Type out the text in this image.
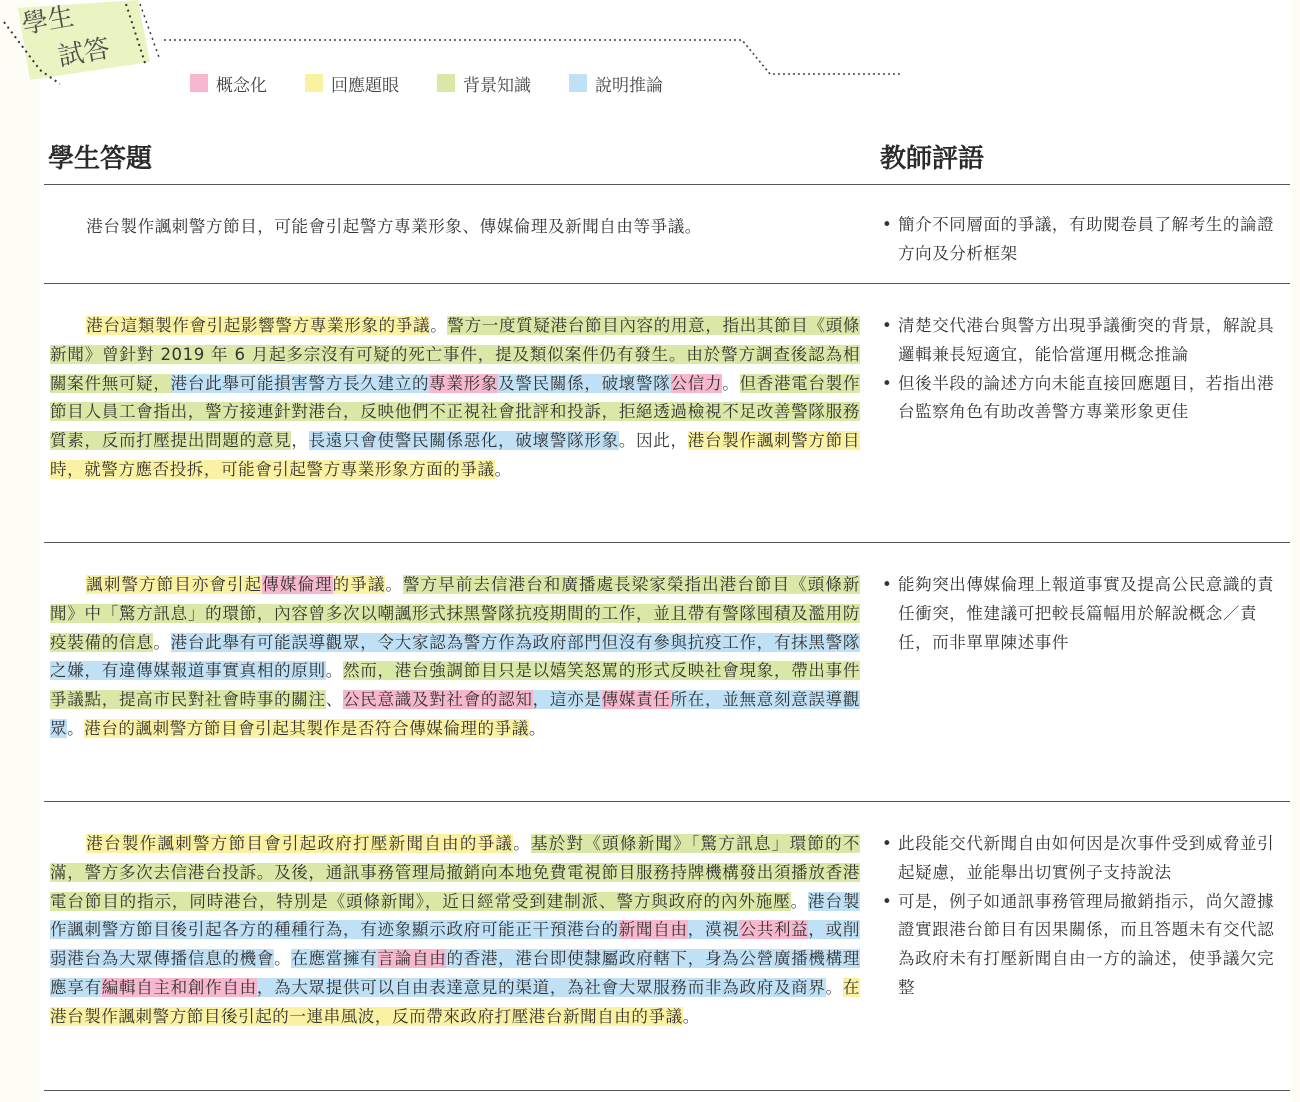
學生
試答
概念化	回應題眼	背景知識	說明推論
學生答題	教師評語

港台製作諷刺警方節目，可能會引起警方專業形象、傳媒倫理及新聞自由等爭議。

•	簡介不同層面的爭議，有助閱卷員了解考生的論證方向及分析框架

港台這類製作會引起影響警方專業形象的爭議。警方一度質疑港台節目內容的用意，指出其節目《頭條新聞》曾針對 2019 年 6 月起多宗沒有可疑的死亡事件，提及類似案件仍有發生。由於警方調查後認為相關案件無可疑，港台此舉可能損害警方長久建立的專業形象及警民關係，破壞警隊公信力。但香港電台製作節目人員工會指出，警方接連針對港台，反映他們不正視社會批評和投訴，拒絕透過檢視不足改善警隊服務質素，反而打壓提出問題的意見，長遠只會使警民關係惡化，破壞警隊形象。因此，港台製作諷刺警方節目時，就警方應否投拆，可能會引起警方專業形象方面的爭議。

• 清楚交代港台與警方出現爭議衝突的背景，解說具邏輯兼長短適宜，能恰當運用概念推論
• 但後半段的論述方向未能直接回應題目，若指出港台監察角色有助改善警方專業形象更佳

諷刺警方節目亦會引起傳媒倫理的爭議。警方早前去信港台和廣播處長梁家榮指出港台節目《頭條新聞》中「驚方訊息」的環節，內容曾多次以嘲諷形式抹黑警隊抗疫期間的工作，並且帶有警隊囤積及濫用防疫裝備的信息。港台此舉有可能誤導觀眾，令大家認為警方作為政府部門但沒有參與抗疫工作，有抹黑警隊之嫌，有違傳媒報道事實真相的原則。然而，港台強調節目只是以嬉笑怒罵的形式反映社會現象，帶出事件爭議點，提高市民對社會時事的關注、公民意識及對社會的認知，這亦是傳媒責任所在，並無意刻意誤導觀眾。港台的諷刺警方節目會引起其製作是否符合傳媒倫理的爭議。

• 能夠突出傳媒倫理上報道事實及提高公民意識的責任衝突，惟建議可把較長篇幅用於解說概念／責任，而非單單陳述事件

港台製作諷刺警方節目會引起政府打壓新聞自由的爭議。基於對《頭條新聞》「驚方訊息」環節的不滿，警方多次去信港台投訴。及後，通訊事務管理局撤銷向本地免費電視節目服務持牌機構發出須播放香港電台節目的指示，同時港台，特別是《頭條新聞》，近日經常受到建制派、警方與政府的內外施壓。港台製作諷刺警方節目後引起各方的種種行為，有迹象顯示政府可能正干預港台的新聞自由，漠視公共利益，或削弱港台為大眾傳播信息的機會。在應當擁有言論自由的香港，港台即使隸屬政府轄下，身為公營廣播機構理應享有編輯自主和創作自由，為大眾提供可以自由表達意見的渠道，為社會大眾服務而非為政府及商界。在港台製作諷刺警方節目後引起的一連串風波，反而帶來政府打壓港台新聞自由的爭議。

• 此段能交代新聞自由如何因是次事件受到威脅並引起疑慮，並能舉出切實例子支持說法
• 可是，例子如通訊事務管理局撤銷指示，尚欠證據證實跟港台節目有因果關係，而且答題未有交代認為政府未有打壓新聞自由一方的論述，使爭議欠完整
